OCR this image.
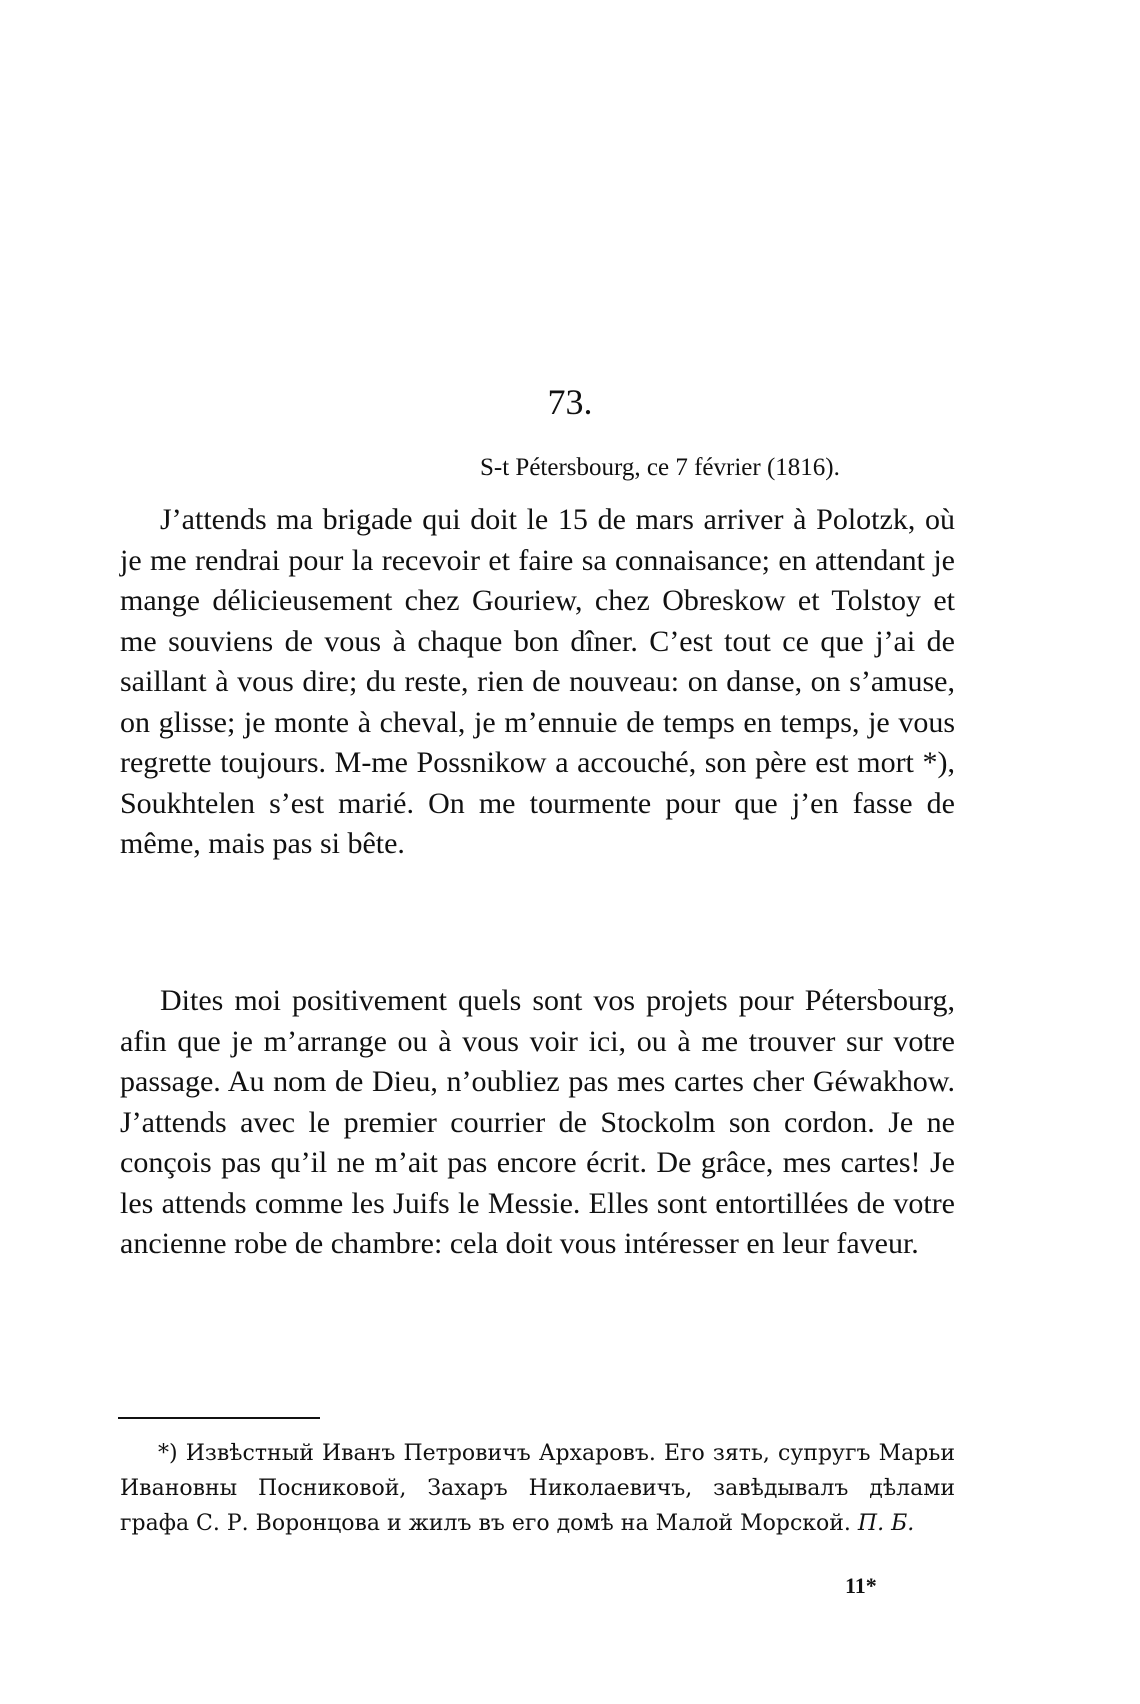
73.
S-t Pétersbourg, ce 7 février (1816).

J’attends ma brigade qui doit le 15 de mars arriver à Polotzk, où je me rendrai pour la recevoir et faire sa connaisance; en attendant je mange délicieusement chez Gouriew, chez Obreskow et Tolstoy et me souviens de vous à chaque bon dîner. C’est tout ce que j’ai de saillant à vous dire; du reste, rien de nouveau: on danse, on s’amuse, on glisse; je monte à cheval, je m’ennuie de temps en temps, je vous regrette toujours. M-me Possnikow a accouché, son père est mort *), Soukhtelen s’est marié. On me tourmente pour que j’en fasse de même, mais pas si bête.

Dites moi positivement quels sont vos projets pour Pétersbourg, afin que je m’arrange ou à vous voir ici, ou à me trouver sur votre passage. Au nom de Dieu, n’oubliez pas mes cartes cher Géwakhow. J’attends avec le premier courrier de Stockolm son cordon. Je ne conçois pas qu’il ne m’ait pas encore écrit. De grâce, mes cartes! Je les attends comme les Juifs le Messie. Elles sont entortillées de votre ancienne robe de chambre: cela doit vous intéresser en leur faveur.

*) Извѣстный Иванъ Петровичъ Архаровъ. Его зять, супругъ Марьи Ивановны Посниковой, Захаръ Николаевичъ, завѣдывалъ дѣлами графа С. Р. Воронцова и жилъ въ его домѣ на Малой Морской. П. Б.

11*
